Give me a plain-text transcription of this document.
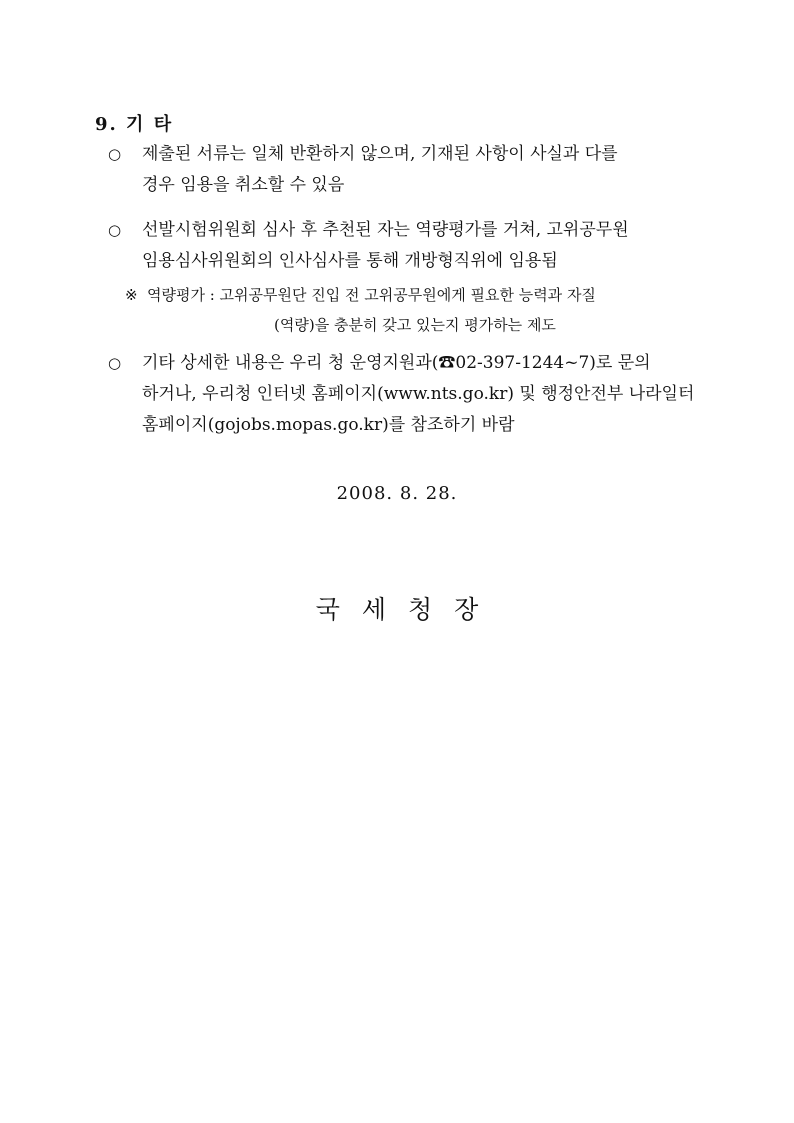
9. 기 타
○	제출된 서류는 일체 반환하지 않으며, 기재된 사항이 사실과 다를
경우 임용을 취소할 수 있음
○	선발시험위원회 심사 후 추천된 자는 역량평가를 거쳐, 고위공무원
임용심사위원회의 인사심사를 통해 개방형직위에 임용됨
※ 역량평가 : 고위공무원단 진입 전 고위공무원에게 필요한 능력과 자질
(역량)을 충분히 갖고 있는지 평가하는 제도
○	기타 상세한 내용은 우리 청 운영지원과(☎02-397-1244~7)로 문의
하거나, 우리청 인터넷 홈페이지(www.nts.go.kr) 및 행정안전부 나라일터
홈페이지(gojobs.mopas.go.kr)를 참조하기 바람
2008. 8. 28.
국세청장
